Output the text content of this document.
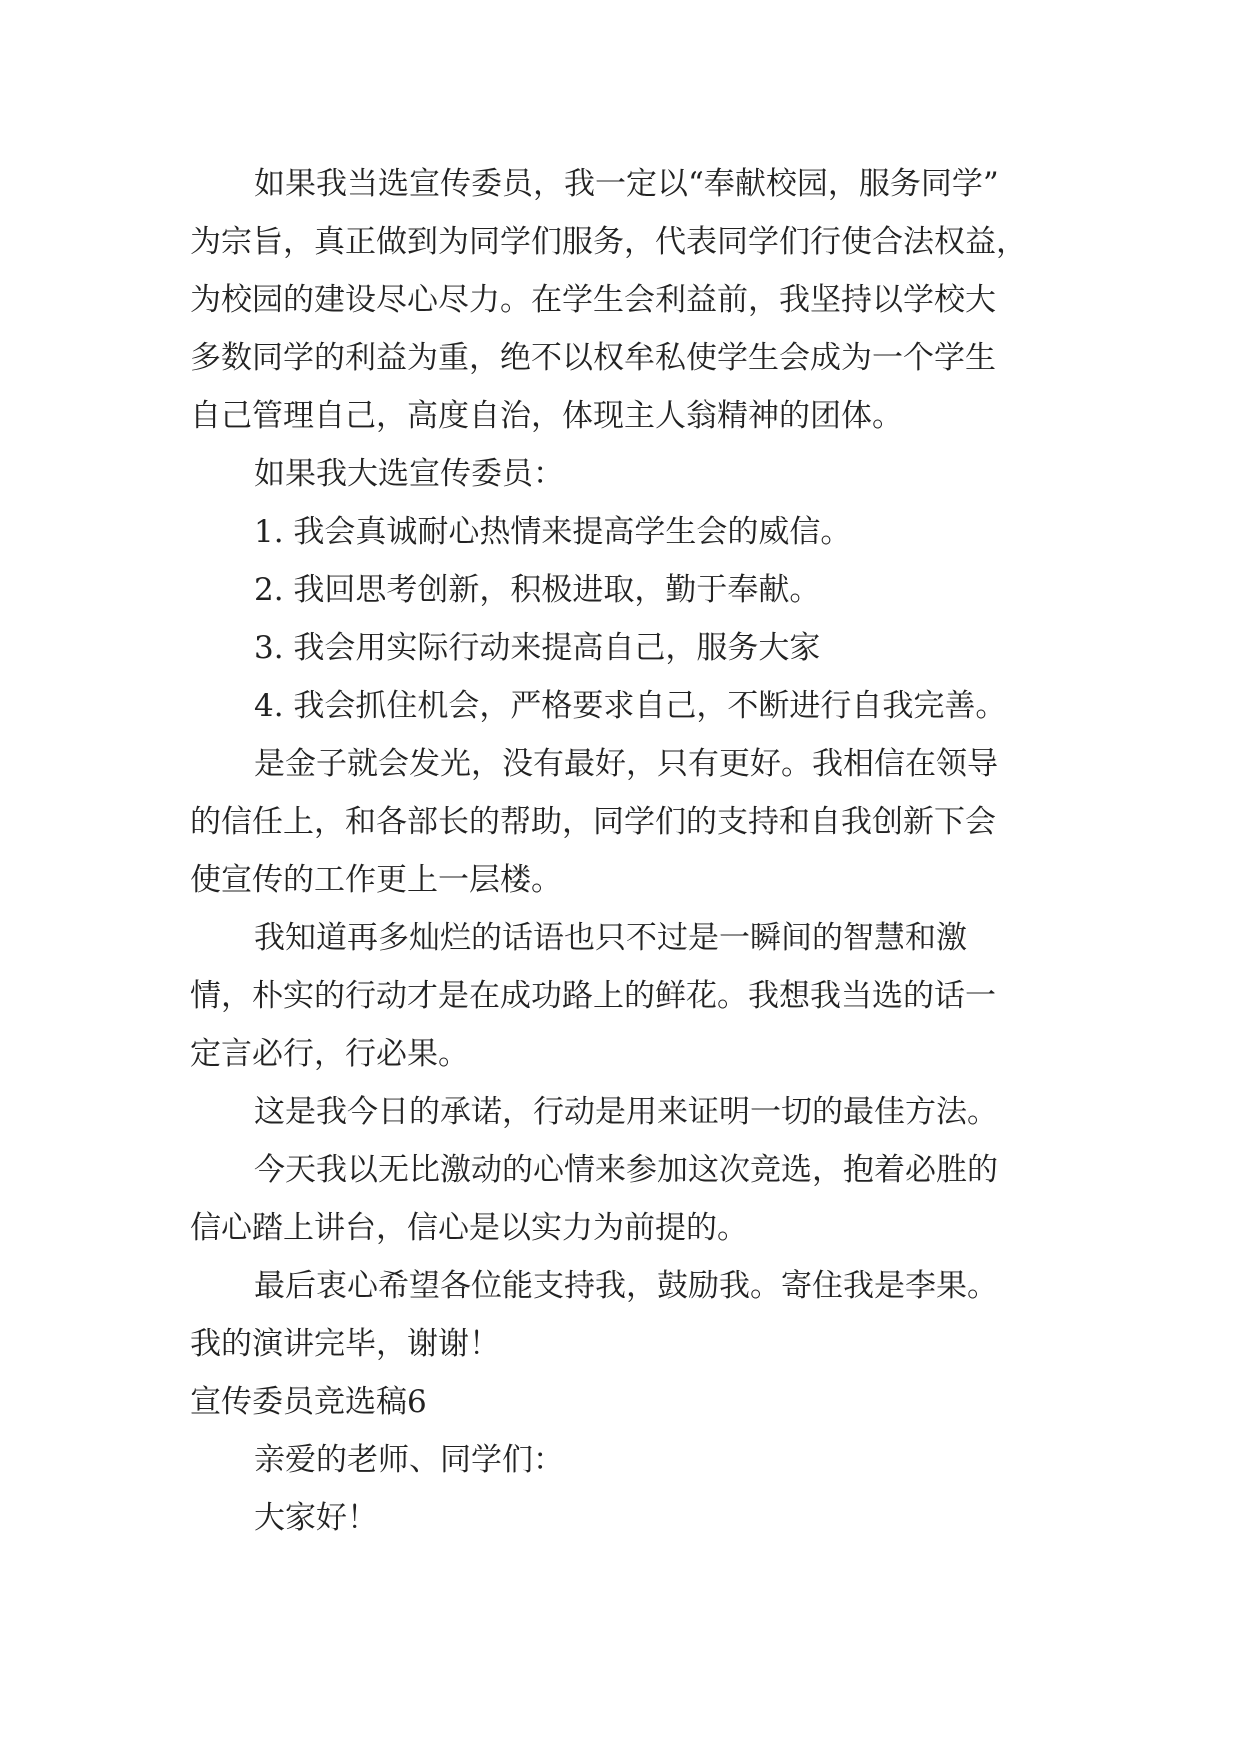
如果我当选宣传委员，我一定以“奉献校园，服务同学”

为宗旨，真正做到为同学们服务，代表同学们行使合法权益，

为校园的建设尽心尽力。在学生会利益前，我坚持以学校大

多数同学的利益为重，绝不以权牟私使学生会成为一个学生

自己管理自己，高度自治，体现主人翁精神的团体。

如果我大选宣传委员：

1. 我会真诚耐心热情来提高学生会的威信。

2. 我回思考创新，积极进取，勤于奉献。

3. 我会用实际行动来提高自己，服务大家

4. 我会抓住机会，严格要求自己，不断进行自我完善。

是金子就会发光，没有最好，只有更好。我相信在领导

的信任上，和各部长的帮助，同学们的支持和自我创新下会

使宣传的工作更上一层楼。

我知道再多灿烂的话语也只不过是一瞬间的智慧和激

情，朴实的行动才是在成功路上的鲜花。我想我当选的话一

定言必行，行必果。

这是我今日的承诺，行动是用来证明一切的最佳方法。

今天我以无比激动的心情来参加这次竞选，抱着必胜的

信心踏上讲台，信心是以实力为前提的。

最后衷心希望各位能支持我，鼓励我。寄住我是李果。

我的演讲完毕，谢谢！

宣传委员竞选稿6

亲爱的老师、同学们：

大家好！
